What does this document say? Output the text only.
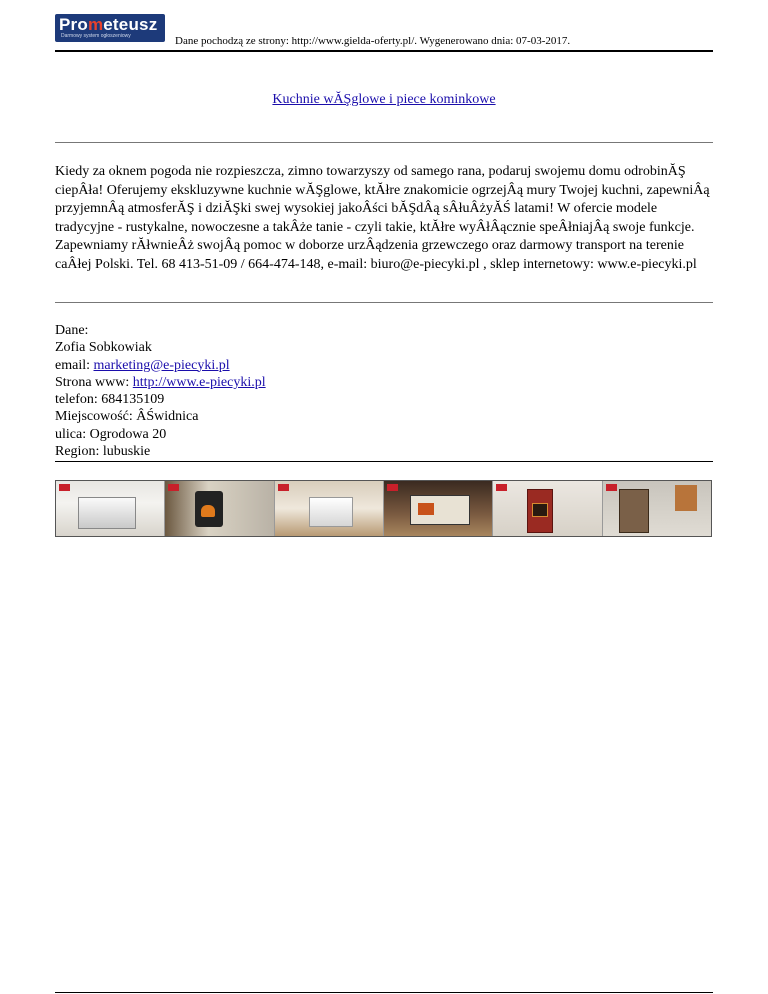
Prometeusz
Darmowy system ogłoszeniowy	Dane pochodzą ze strony: http://www.gielda-oferty.pl/. Wygenerowano dnia: 07-03-2017.
Kuchnie wĂŞglowe i piece kominkowe
Kiedy za oknem pogoda nie rozpieszcza, zimno towarzyszy od samego rana, podaruj swojemu domu odrobinĂŞ ciepÂła! Oferujemy ekskluzywne kuchnie wĂŞglowe, ktĂłre znakomicie ogrzejÂą mury Twojej kuchni, zapewniÂą przyjemnÂą atmosferĂŞ i dziĂŞki swej wysokiej jakoÂści bĂŞdÂą sÂłuÂżyĂŚ latami! W ofercie modele tradycyjne - rustykalne, nowoczesne a takÂże tanie - czyli takie, ktĂłre wyÂłÂącznie speÂłniajÂą swoje funkcje. Zapewniamy rĂłwnieÂż swojÂą pomoc w doborze urzÂądzenia grzewczego oraz darmowy transport na terenie caÂłej Polski. Tel. 68 413-51-09 / 664-474-148, e-mail: biuro@e-piecyki.pl , sklep internetowy: www.e-piecyki.pl
Dane:
Zofia Sobkowiak
email: marketing@e-piecyki.pl
Strona www: http://www.e-piecyki.pl
telefon: 684135109
Miejscowość: ÂŚwidnica
ulica: Ogrodowa 20
Region: lubuskie
